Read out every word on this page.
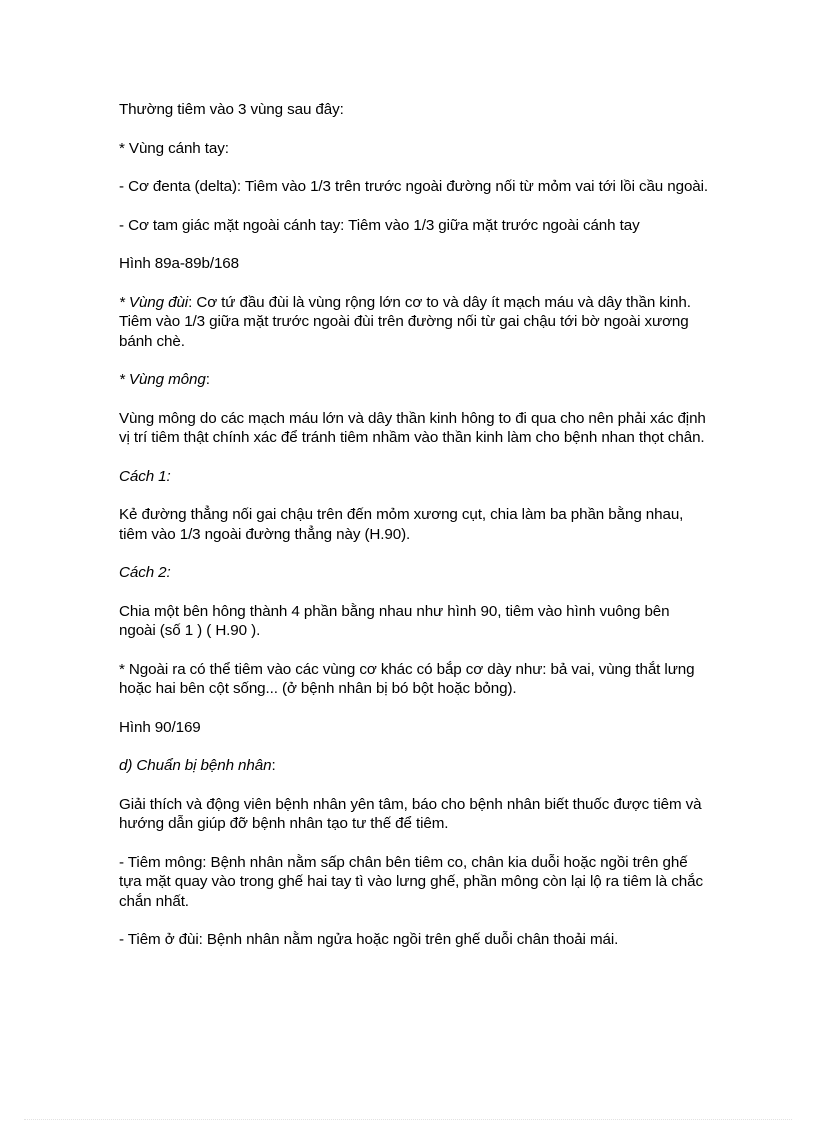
Thường tiêm vào 3 vùng sau đây:

* Vùng cánh tay:

- Cơ đenta (delta): Tiêm vào 1/3 trên trước ngoài đường nối từ mỏm vai tới lồi cầu ngoài.

- Cơ tam giác mặt ngoài cánh tay: Tiêm vào 1/3 giữa mặt trước ngoài cánh tay

Hình 89a-89b/168

* Vùng đùi: Cơ tứ đầu đùi là vùng rộng lớn cơ to và dây ít mạch máu và dây thần kinh. Tiêm vào 1/3 giữa mặt trước ngoài đùi trên đường nối từ gai chậu tới bờ ngoài xương bánh chè.

* Vùng mông:

Vùng mông do các mạch máu lớn và dây thần kinh hông to đi qua cho nên phải xác định vị trí tiêm thật chính xác để tránh tiêm nhầm vào thần kinh làm cho bệnh nhan thọt chân.

Cách 1:

Kẻ đường thẳng nối gai chậu trên đến mỏm xương cụt, chia làm ba phần bằng nhau, tiêm vào 1/3 ngoài đường thẳng này (H.90).

Cách 2:

Chia một bên hông thành 4 phần bằng nhau như hình 90, tiêm vào hình vuông bên ngoài (số 1 ) ( H.90 ).

* Ngoài ra có thể tiêm vào các vùng cơ khác có bắp cơ dày như: bả vai, vùng thắt lưng hoặc hai bên cột sống... (ở bệnh nhân bị bó bột hoặc bỏng).

Hình 90/169

d) Chuẩn bị bệnh nhân:

Giải thích và động viên bệnh nhân yên tâm, báo cho bệnh nhân biết thuốc được tiêm và hướng dẫn giúp đỡ bệnh nhân tạo tư thế để tiêm.

- Tiêm mông: Bệnh nhân nằm sấp chân bên tiêm co, chân kia duỗi hoặc ngồi trên ghế tựa mặt quay vào trong ghế hai tay tì vào lưng ghế, phần mông còn lại lộ ra tiêm là chắc chắn nhất.

- Tiêm ở đùi: Bệnh nhân nằm ngửa hoặc ngồi trên ghế duỗi chân thoải mái.
